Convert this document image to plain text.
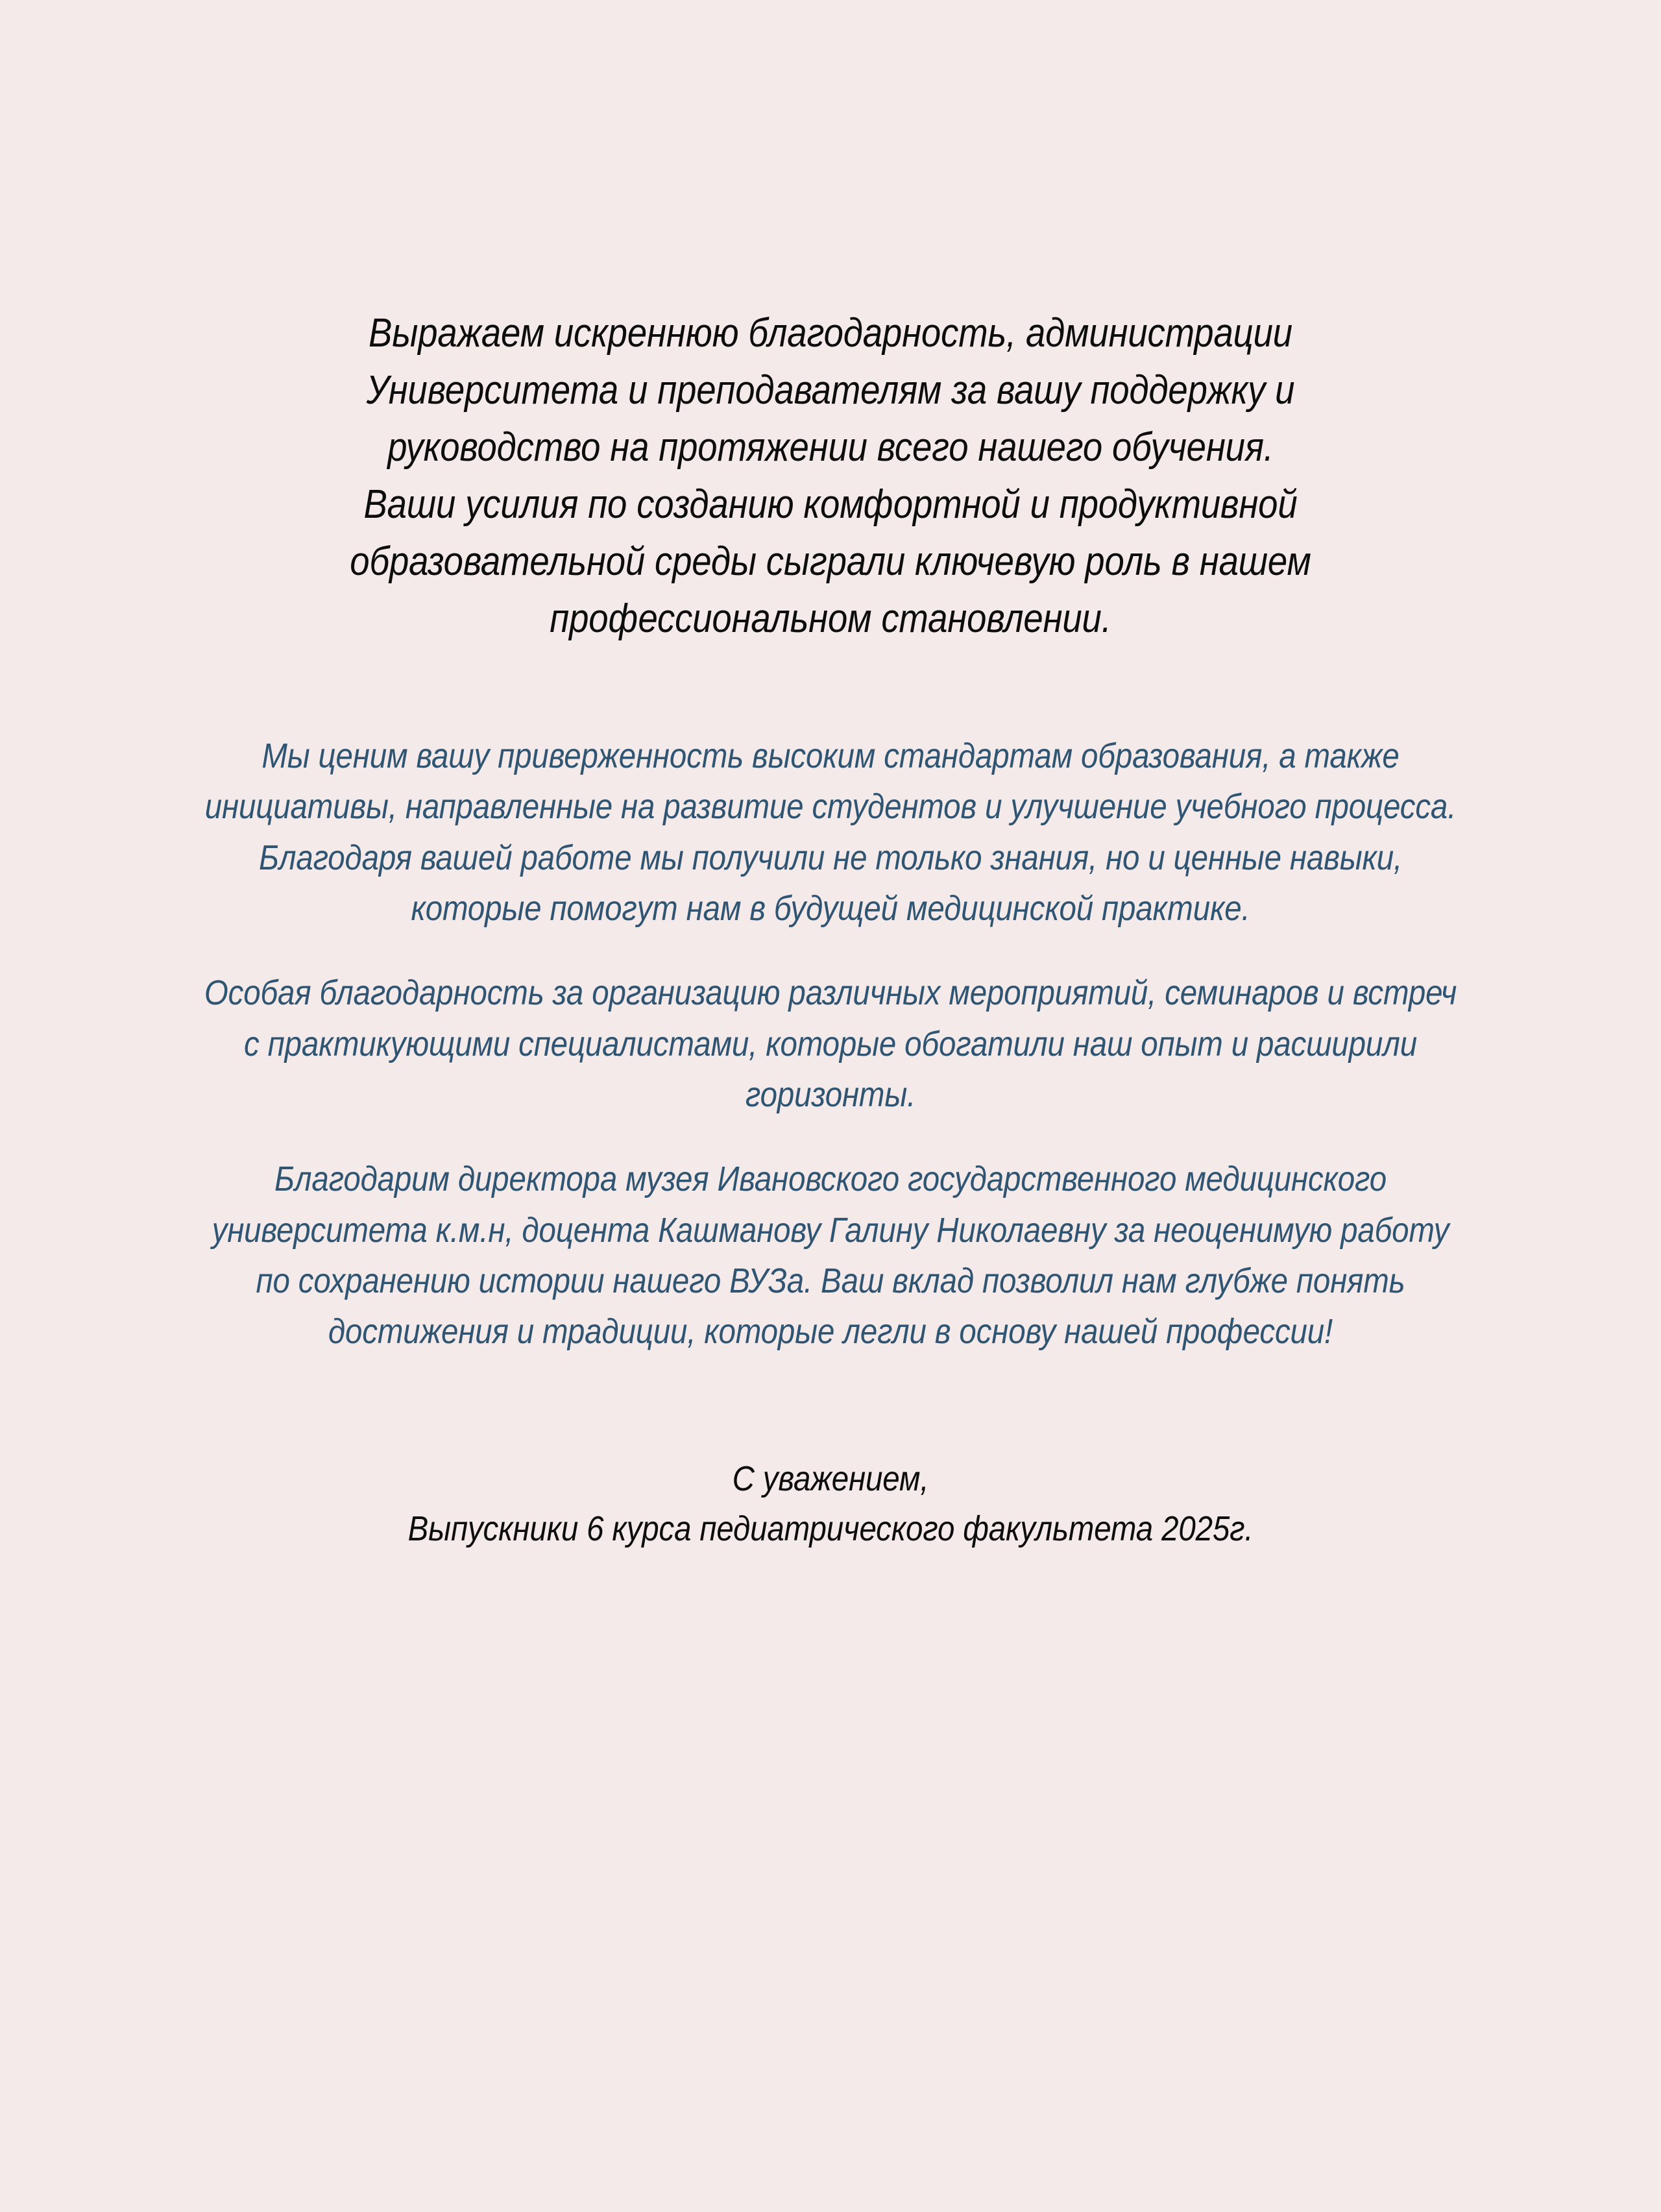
Выражаем искреннюю благодарность, администрации

Университета и преподавателям за вашу поддержку и

руководство на протяжении всего нашего обучения.

Ваши усилия по созданию комфортной и продуктивной

образовательной среды сыграли ключевую роль в нашем

профессиональном становлении.

Мы ценим вашу приверженность высоким стандартам образования, а также инициативы, направленные на развитие студентов и улучшение учебного процесса. Благодаря вашей работе мы получили не только знания, но и ценные навыки, которые помогут нам в будущей медицинской практике.

Особая благодарность за организацию различных мероприятий, семинаров и встреч с практикующими специалистами, которые обогатили наш опыт и расширили горизонты.

Благодарим директора музея Ивановского государственного медицинского университета к.м.н, доцента Кашманову Галину Николаевну за неоценимую работу по сохранению истории нашего ВУЗа. Ваш вклад позволил нам глубже понять достижения и традиции, которые легли в основу нашей профессии!

С уважением,

Выпускники 6 курса педиатрического факультета 2025г.
